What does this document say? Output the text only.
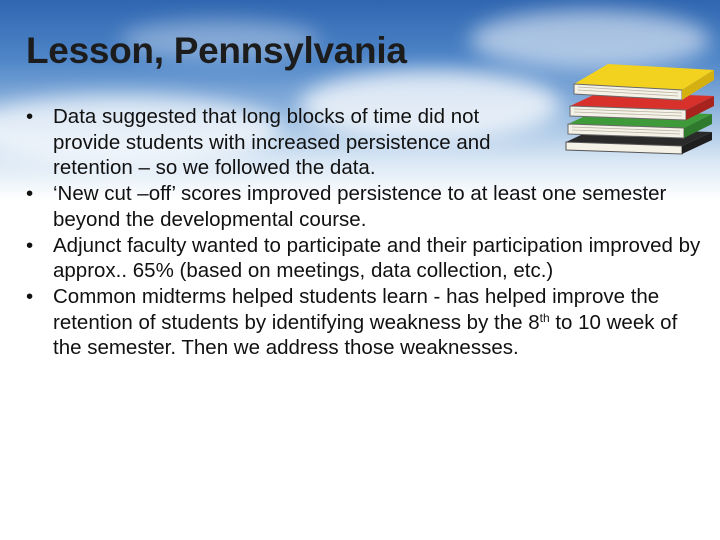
Lesson, Pennsylvania
• Data suggested that long blocks of time did not provide students with increased persistence and retention – so we followed the data.
• ‘New cut –off’ scores improved persistence to at least one semester beyond the developmental course.
• Adjunct faculty wanted to participate and their participation improved by approx.. 65% (based on meetings, data collection, etc.)
• Common midterms helped students learn - has helped improve the retention of students by identifying weakness by the 8th to 10 week of the semester. Then we address those weaknesses.
